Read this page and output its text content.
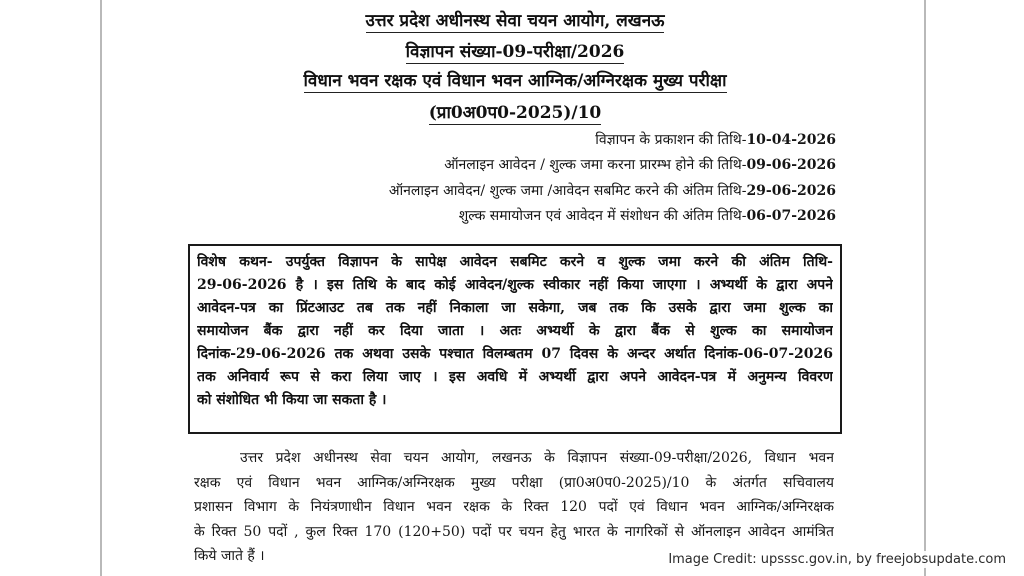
उत्तर प्रदेश अधीनस्थ सेवा चयन आयोग, लखनऊ
विज्ञापन संख्या-09-परीक्षा/2026
विधान भवन रक्षक एवं विधान भवन आग्निक/अग्निरक्षक मुख्य परीक्षा
(प्रा0अ0प0-2025)/10
विज्ञापन के प्रकाशन की तिथि-10-04-2026
ऑनलाइन आवेदन / शुल्क जमा करना प्रारम्भ होने की तिथि-09-06-2026
ऑनलाइन आवेदन/ शुल्क जमा /आवेदन सबमिट करने की अंतिम तिथि-29-06-2026
शुल्क समायोजन एवं आवेदन में संशोधन की अंतिम तिथि-06-07-2026
विशेष कथन- उपर्युक्त विज्ञापन के सापेक्ष आवेदन सबमिट करने व शुल्क जमा करने की अंतिम तिथि-
29-06-2026 है । इस तिथि के बाद कोई आवेदन/शुल्क स्वीकार नहीं किया जाएगा । अभ्यर्थी के द्वारा अपने
आवेदन-पत्र का प्रिंटआउट तब तक नहीं निकाला जा सकेगा, जब तक कि उसके द्वारा जमा शुल्क का
समायोजन बैंक द्वारा नहीं कर दिया जाता । अतः अभ्यर्थी के द्वारा बैंक से शुल्क का समायोजन
दिनांक-29-06-2026 तक अथवा उसके पश्चात विलम्बतम 07 दिवस के अन्दर अर्थात दिनांक-06-07-2026
तक अनिवार्य रूप से करा लिया जाए । इस अवधि में अभ्यर्थी द्वारा अपने आवेदन-पत्र में अनुमन्य विवरण
को संशोधित भी किया जा सकता है ।
उत्तर प्रदेश अधीनस्थ सेवा चयन आयोग, लखनऊ के विज्ञापन संख्या-09-परीक्षा/2026, विधान भवन
रक्षक एवं विधान भवन आग्निक/अग्निरक्षक मुख्य परीक्षा (प्रा0अ0प0-2025)/10 के अंतर्गत सचिवालय
प्रशासन विभाग के नियंत्रणाधीन विधान भवन रक्षक के रिक्त 120 पदों एवं विधान भवन आग्निक/अग्निरक्षक
के रिक्त 50 पदों , कुल रिक्त 170 (120+50) पदों पर चयन हेतु भारत के नागरिकों से ऑनलाइन आवेदन आमंत्रित
किये जाते हैं ।	Image Credit: upsssc.gov.in, by freejobsupdate.com
